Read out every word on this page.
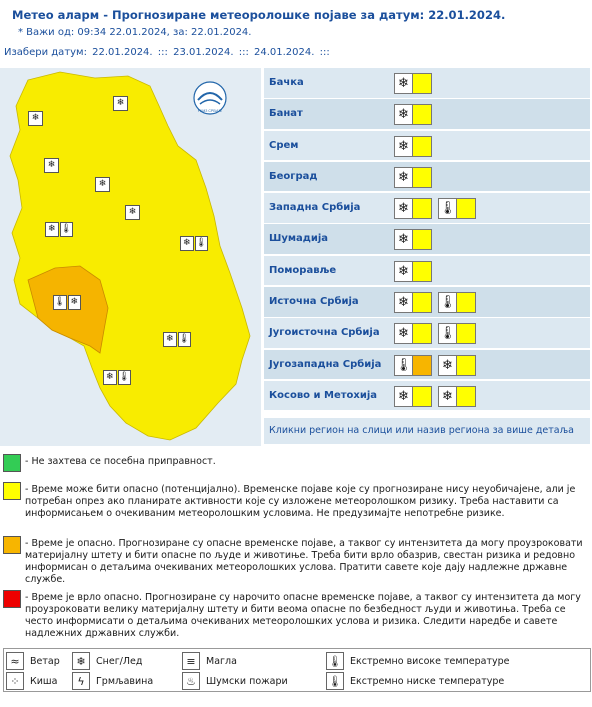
Метео аларм - Прогнозиране метеоролошке појаве за датум: 22.01.2024.
* Важи од: 09:34 22.01.2024, за: 22.01.2024.
Изабери датум: 22.01.2024. ::: 23.01.2024. ::: 24.01.2024. :::
РХМЗ СРБИЈЕ
❄
❄
❄
❄
❄ 🌡
❄
❄ 🌡
🌡 ❄
❄ 🌡
❄ 🌡
Бачка	❄
Банат	❄
Срем	❄
Београд	❄
Западна Србија	❄	🌡
Шумадија	❄
Поморавље	❄
Источна Србија	❄	🌡
Југоисточна Србија ❄	🌡
Југозападна Србија 🌡 ❄
Косово и Метохија ❄	❄
Кликни регион на слици или назив региона за више детаља
- Не захтева се посебна приправност.
- Време може бити опасно (потенцијално). Временске појаве које су прогнозиране нису неуобичајене, али је потребан опрез ако планирате активности које су изложене метеоролошком ризику. Треба наставити са информисањем о очекиваним метеоролошким условима. Не предузимајте непотребне ризике.
- Време је опасно. Прогнозиране су опасне временске појаве, а таквог су интензитета да могу проузроковати материјалну штету и бити опасне по људе и животиње. Треба бити врло обазрив, свестан ризика и редовно информисан о детаљима очекиваних метеоролошких услова. Пратити савете које дају надлежне државне службе.
- Време је врло опасно. Прогнозиране су нарочито опасне временске појаве, а таквог су интензитета да могу проузроковати велику материјалну штету и бити веома опасне по безбедност људи и животиња. Треба се често информисати о детаљима очекиваних метеоролошких услова и ризика. Следити наредбе и савете надлежних државних служби.
≈	Ветар	❄	Снег/Лед	≡	Магла	🌡 Екстремно високе температуре
⁘	Киша	ϟ	Грмљавина	♨	Шумски пожари	🌡 Екстремно ниске температуре
